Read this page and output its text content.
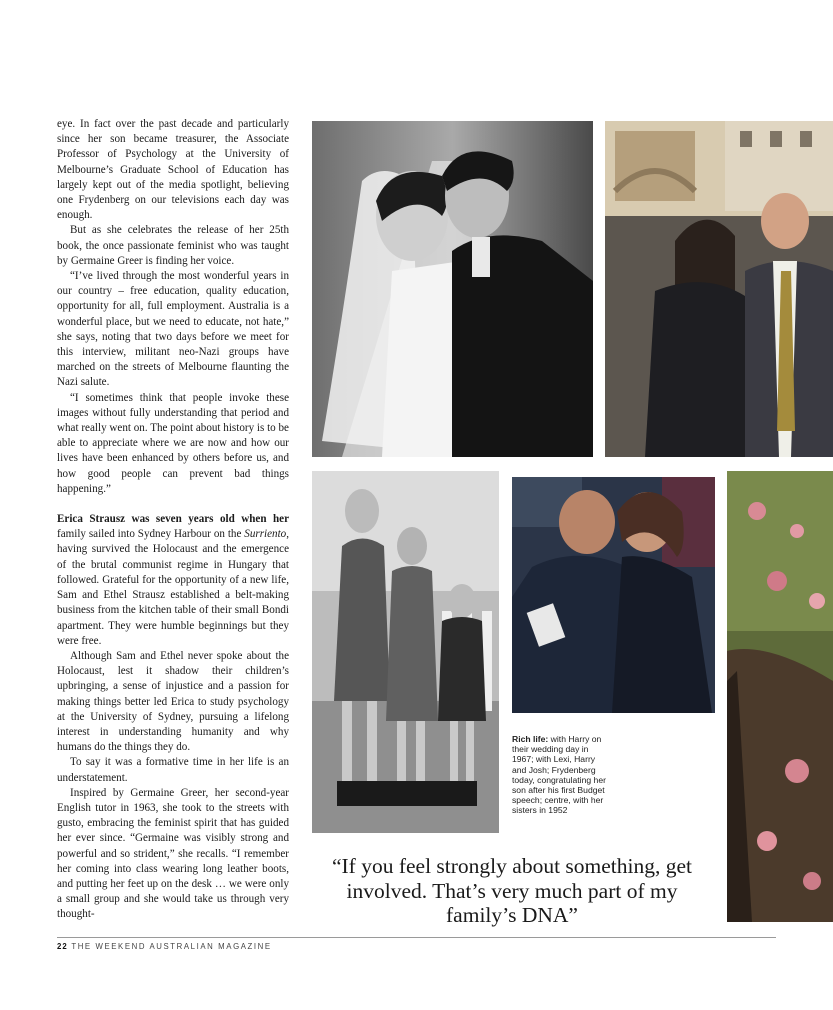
eye. In fact over the past decade and particularly since her son became treasurer, the Associate Professor of Psychology at the University of Melbourne’s Graduate School of Education has largely kept out of the media spotlight, believing one Frydenberg on our televisions each day was enough.

But as she celebrates the release of her 25th book, the once passionate feminist who was taught by Germaine Greer is finding her voice.

“I’ve lived through the most wonderful years in our country – free education, quality education, opportunity for all, full employment. Australia is a wonderful place, but we need to educate, not hate,” she says, noting that two days before we meet for this interview, militant neo-Nazi groups have marched on the streets of Melbourne flaunting the Nazi salute.

“I sometimes think that people invoke these images without fully understanding that period and what really went on. The point about history is to be able to appreciate where we are now and how our lives have been enhanced by others before us, and how good people can prevent bad things happening.”

Erica Strausz was seven years old when her family sailed into Sydney Harbour on the Surriento, having survived the Holocaust and the emergence of the brutal communist regime in Hungary that followed. Grateful for the opportunity of a new life, Sam and Ethel Strausz established a belt-making business from the kitchen table of their small Bondi apartment. They were humble beginnings but they were free.

Although Sam and Ethel never spoke about the Holocaust, lest it shadow their children’s upbringing, a sense of injustice and a passion for making things better led Erica to study psychology at the University of Sydney, pursuing a lifelong interest in understanding humanity and why humans do the things they do.

To say it was a formative time in her life is an understatement.

Inspired by Germaine Greer, her second-year English tutor in 1963, she took to the streets with gusto, embracing the feminist spirit that has guided her ever since. “Germaine was visibly strong and powerful and so strident,” she recalls. “I remember her coming into class wearing long leather boots, and putting her feet up on the desk … we were only a small group and she would take us through very thought-

Rich life: with Harry on their wedding day in 1967; with Lexi, Harry and Josh; Frydenberg today, congratulating her son after his first Budget speech; centre, with her sisters in 1952
“If you feel strongly about something, get involved. That’s very much part of my family’s DNA”
22 THE WEEKEND AUSTRALIAN MAGAZINE
